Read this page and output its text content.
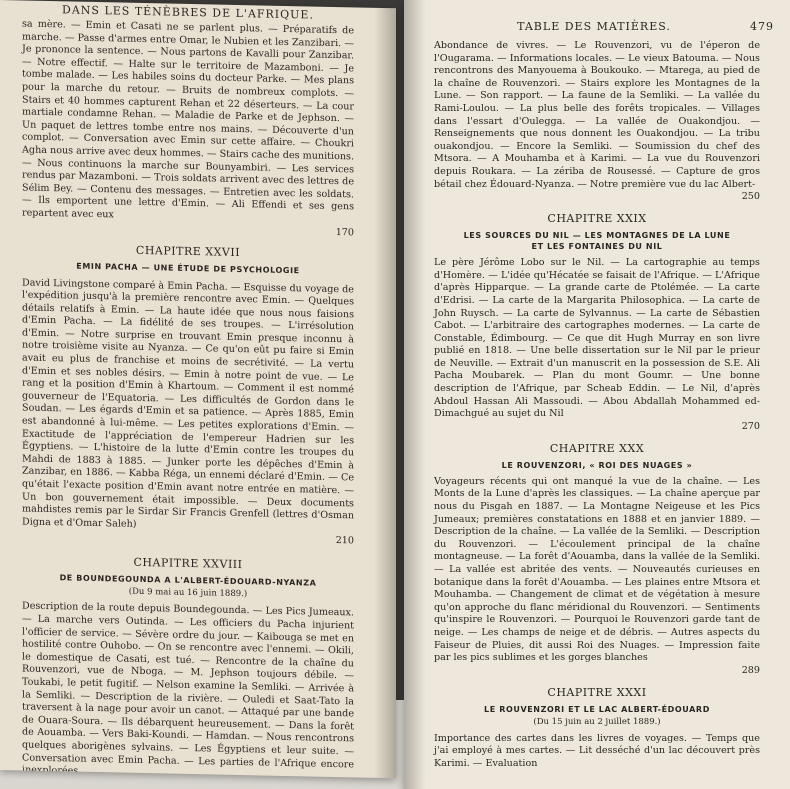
DANS LES TÉNÈBRES DE L'AFRIQUE.

sa mère. — Emin et Casati ne se parlent plus. — Préparatifs de marche. — Passe d'armes entre Omar, le Nubien et les Zanzibari. — Je prononce la sentence. — Nous partons de Kavalli pour Zanzibar. — Notre effectif. — Halte sur le territoire de Mazamboni. — Je tombe malade. — Les habiles soins du docteur Parke. — Mes plans pour la marche du retour. — Bruits de nombreux complots. — Stairs et 40 hommes capturent Rehan et 22 déserteurs. — La cour martiale condamne Rehan. — Maladie de Parke et de Jephson. — Un paquet de lettres tombe entre nos mains. — Découverte d'un complot. — Conversation avec Emin sur cette affaire. — Choukri Agha nous arrive avec deux hommes. — Stairs cache des munitions. — Nous continuons la marche sur Bounyambiri. — Les services rendus par Mazamboni. — Trois soldats arrivent avec des lettres de Sélim Bey. — Contenu des messages. — Entretien avec les soldats. — Ils emportent une lettre d'Emin. — Ali Effendi et ses gens repartent avec eux

170
CHAPITRE XXVII
EMIN PACHA — UNE ÉTUDE DE PSYCHOLOGIE

David Livingstone comparé à Emin Pacha. — Esquisse du voyage de l'expédition jusqu'à la première rencontre avec Emin. — Quelques détails relatifs à Emin. — La haute idée que nous nous faisions d'Emin Pacha. — La fidélité de ses troupes. — L'irrésolution d'Emin. — Notre surprise en trouvant Emin presque inconnu à notre troisième visite au Nyanza. — Ce qu'on eût pu faire si Emin avait eu plus de franchise et moins de secrétivité. — La vertu d'Emin et ses nobles désirs. — Emin à notre point de vue. — Le rang et la position d'Emin à Khartoum. — Comment il est nommé gouverneur de l'Equatoria. — Les difficultés de Gordon dans le Soudan. — Les égards d'Emin et sa patience. — Après 1885, Emin est abandonné à lui-même. — Les petites explorations d'Emin. — Exactitude de l'appréciation de l'empereur Hadrien sur les Égyptiens. — L'histoire de la lutte d'Emin contre les troupes du Mahdi de 1883 à 1885. — Junker porte les dépêches d'Emin à Zanzibar, en 1886. — Kabba Réga, un ennemi déclaré d'Emin. — Ce qu'était l'exacte position d'Emin avant notre entrée en matière. — Un bon gouvernement était impossible. — Deux documents mahdistes remis par le Sirdar Sir Francis Grenfell (lettres d'Osman Digna et d'Omar Saleh)

210
CHAPITRE XXVIII
DE BOUNDEGOUNDA A L'ALBERT-ÉDOUARD-NYANZA
(Du 9 mai au 16 juin 1889.)

Description de la route depuis Boundegounda. — Les Pics Jumeaux. — La marche vers Outinda. — Les officiers du Pacha injurient l'officier de service. — Sévère ordre du jour. — Kaibouga se met en hostilité contre Ouhobo. — On se rencontre avec l'ennemi. — Okili, le domestique de Casati, est tué. — Rencontre de la chaîne du Rouvenzori, vue de Nboga. — M. Jephson toujours débile. — Toukabi, le petit fugitif. — Nelson examine la Semliki. — Arrivée à la Semliki. — Description de la rivière. — Ouledi et Saat-Tato la traversent à la nage pour avoir un canot. — Attaqué par une bande de Ouara-Soura. — Ils débarquent heureusement. — Dans la forêt de Aouamba. — Vers Baki-Koundi. — Hamdan. — Nous rencontrons quelques aborigènes sylvains. — Les Égyptiens et leur suite. — Conversation avec Emin Pacha. — Les parties de l'Afrique encore inexplorées.

TABLE DES MATIÈRES.	479

Abondance de vivres. — Le Rouvenzori, vu de l'éperon de l'Ougarama. — Informations locales. — Le vieux Batouma. — Nous rencontrons des Manyouema à Boukouko. — Mtarega, au pied de la chaîne de Rouvenzori. — Stairs explore les Montagnes de la Lune. — Son rapport. — La faune de la Semliki. — La vallée du Rami-Loulou. — La plus belle des forêts tropicales. — Villages dans l'essart d'Oulegga. — La vallée de Ouakondjou. — Renseignements que nous donnent les Ouakondjou. — La tribu ouakondjou. — Encore la Semliki. — Soumission du chef des Mtsora. — A Mouhamba et à Karimi. — La vue du Rouvenzori depuis Roukara. — La zériba de Rousessé. — Capture de gros bétail chez Édouard-Nyanza. — Notre première vue du lac Albert-

250
CHAPITRE XXIX
LES SOURCES DU NIL — LES MONTAGNES DE LA LUNE
ET LES FONTAINES DU NIL

Le père Jérôme Lobo sur le Nil. — La cartographie au temps d'Homère. — L'idée qu'Hécatée se faisait de l'Afrique. — L'Afrique d'après Hipparque. — La grande carte de Ptolémée. — La carte d'Edrisi. — La carte de la Margarita Philosophica. — La carte de John Ruysch. — La carte de Sylvannus. — La carte de Sébastien Cabot. — L'arbitraire des cartographes modernes. — La carte de Constable, Édimbourg. — Ce que dit Hugh Murray en son livre publié en 1818. — Une belle dissertation sur le Nil par le prieur de Neuville. — Extrait d'un manuscrit en la possession de S.E. Ali Pacha Moubarek. — Plan du mont Goumr. — Une bonne description de l'Afrique, par Scheab Eddin. — Le Nil, d'après Abdoul Hassan Ali Massoudi. — Abou Abdallah Mohammed ed-Dimachgué au sujet du Nil

270
CHAPITRE XXX
LE ROUVENZORI, « ROI DES NUAGES »

Voyageurs récents qui ont manqué la vue de la chaîne. — Les Monts de la Lune d'après les classiques. — La chaîne aperçue par nous du Pisgah en 1887. — La Montagne Neigeuse et les Pics Jumeaux; premières constatations en 1888 et en janvier 1889. — Description de la chaîne. — La vallée de la Semliki. — Description du Rouvenzori. — L'écoulement principal de la chaîne montagneuse. — La forêt d'Aouamba, dans la vallée de la Semliki. — La vallée est abritée des vents. — Nouveautés curieuses en botanique dans la forêt d'Aouamba. — Les plaines entre Mtsora et Mouhamba. — Changement de climat et de végétation à mesure qu'on approche du flanc méridional du Rouvenzori. — Sentiments qu'inspire le Rouvenzori. — Pourquoi le Rouvenzori garde tant de neige. — Les champs de neige et de débris. — Autres aspects du Faiseur de Pluies, dit aussi Roi des Nuages. — Impression faite par les pics sublimes et les gorges blanches

289
CHAPITRE XXXI
LE ROUVENZORI ET LE LAC ALBERT-ÉDOUARD
(Du 15 juin au 2 juillet 1889.)

Importance des cartes dans les livres de voyages. — Temps que j'ai employé à mes cartes. — Lit desséché d'un lac découvert près Karimi. — Evaluation
